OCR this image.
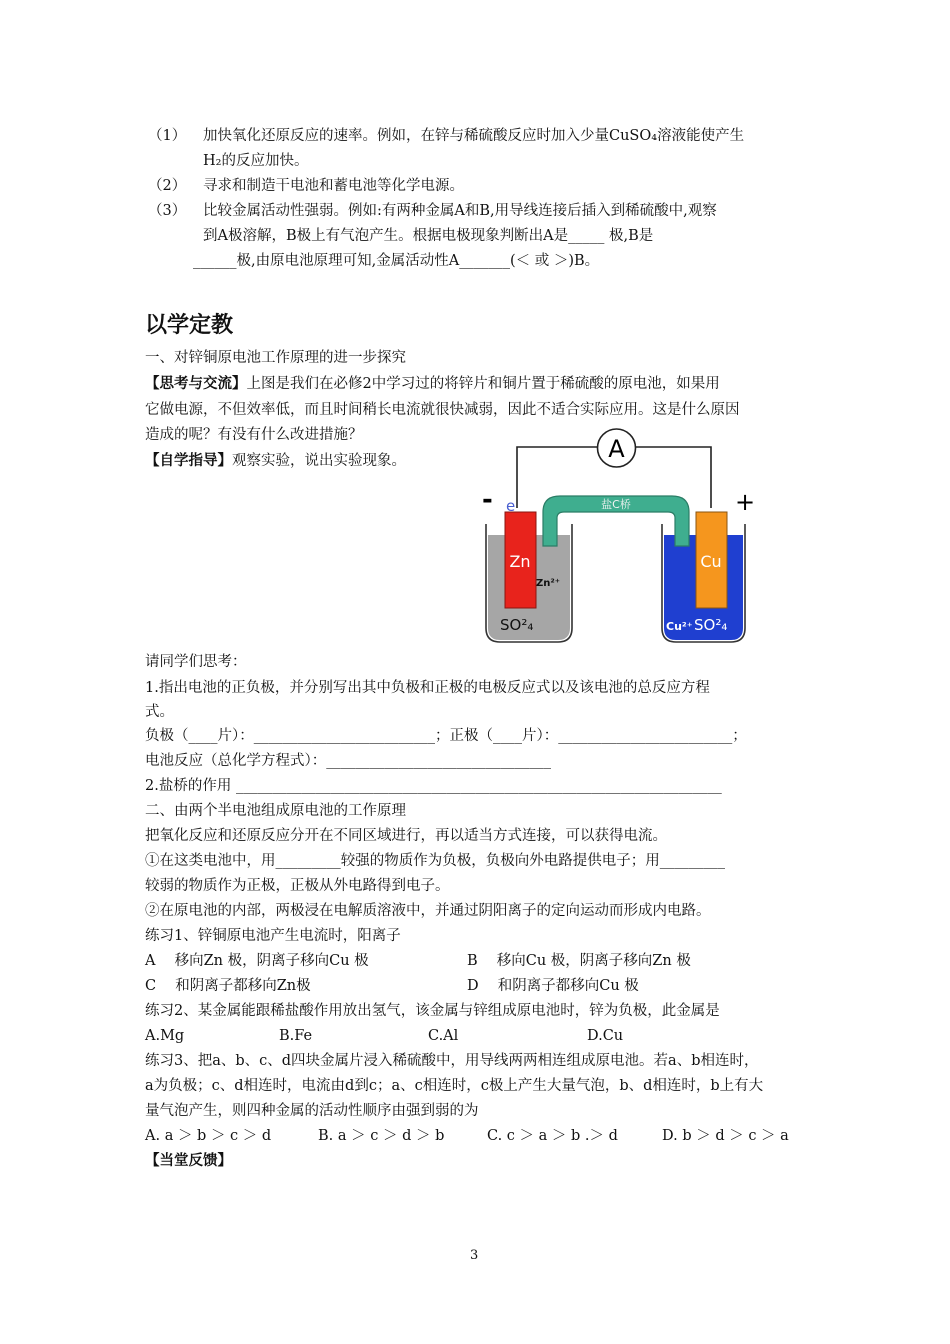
（1） 加快氧化还原反应的速率。例如，在锌与稀硫酸反应时加入少量CuSO₄溶液能使产生
H₂的反应加快。
（2） 寻求和制造干电池和蓄电池等化学电源。
（3） 比较金属活动性强弱。例如:有两种金属A和B,用导线连接后插入到稀硫酸中,观察
到A极溶解，B极上有气泡产生。根据电极现象判断出A是_____ 极,B是
______极,由原电池原理可知,金属活动性A_______(＜ 或 ＞)B。
以学定教
一、对锌铜原电池工作原理的进一步探究
【思考与交流】上图是我们在必修2中学习过的将锌片和铜片置于稀硫酸的原电池，如果用
它做电源，不但效率低，而且时间稍长电流就很快减弱，因此不适合实际应用。这是什么原因
造成的呢？有没有什么改进措施？
【自学指导】观察实验，说出实验现象。	A
-	+
盐C桥
Zn	Cu
e
Zn²⁺
SO²₄	Cu²⁺ SO²₄
请同学们思考：
1.指出电池的正负极，并分别写出其中负极和正极的电极反应式以及该电池的总反应方程
式。
负极（____片）：_________________________；正极（____片）：________________________；
电池反应（总化学方程式）：_______________________________
2.盐桥的作用 ___________________________________________________________________
二、由两个半电池组成原电池的工作原理
把氧化反应和还原反应分开在不同区域进行，再以适当方式连接，可以获得电流。
①在这类电池中，用_________较强的物质作为负极，负极向外电路提供电子；用_________
较弱的物质作为正极，正极从外电路得到电子。
②在原电池的内部，两极浸在电解质溶液中，并通过阴阳离子的定向运动而形成内电路。
练习1、锌铜原电池产生电流时，阳离子
A　 移向Zn 极，阴离子移向Cu 极	B　 移向Cu 极，阴离子移向Zn 极
C　 和阴离子都移向Zn极	D　 和阴离子都移向Cu 极
练习2、某金属能跟稀盐酸作用放出氢气，该金属与锌组成原电池时，锌为负极，此金属是
A.Mg	B.Fe	C.Al	D.Cu
练习3、把a、b、c、d四块金属片浸入稀硫酸中，用导线两两相连组成原电池。若a、b相连时，
a为负极；c、d相连时，电流由d到c；a、c相连时，c极上产生大量气泡，b、d相连时，b上有大
量气泡产生，则四种金属的活动性顺序由强到弱的为
A. a ＞ b ＞ c ＞ d	B. a ＞ c ＞ d ＞ b	C. c ＞ a ＞ b .＞ d	D. b ＞ d ＞ c ＞ a
【当堂反馈】
3
